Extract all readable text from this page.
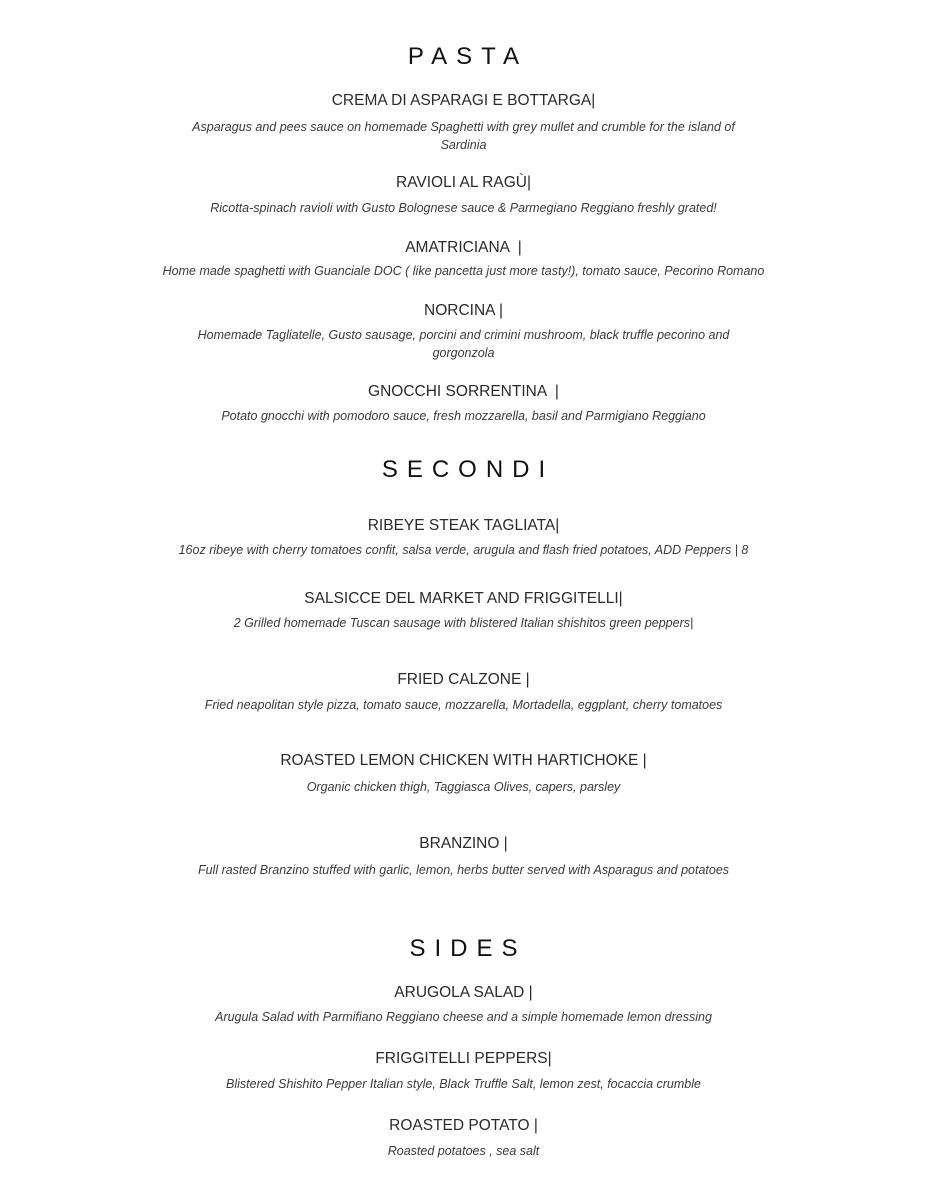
PASTA
CREMA DI ASPARAGI E BOTTARGA|
Asparagus and pees sauce on homemade Spaghetti with grey mullet and crumble for the island of Sardinia
RAVIOLI AL RAGÙ|
Ricotta-spinach ravioli with Gusto Bolognese sauce & Parmegiano Reggiano freshly grated!
AMATRICIANA  |
Home made spaghetti with Guanciale DOC ( like pancetta just more tasty!), tomato sauce, Pecorino Romano
NORCINA |
Homemade Tagliatelle, Gusto sausage, porcini and crimini mushroom, black truffle pecorino and gorgonzola
GNOCCHI SORRENTINA  |
Potato gnocchi with pomodoro sauce, fresh mozzarella, basil and Parmigiano Reggiano
SECONDI
RIBEYE STEAK TAGLIATA|
16oz ribeye with cherry tomatoes confit, salsa verde, arugula and flash fried potatoes, ADD Peppers | 8
SALSICCE DEL MARKET AND FRIGGITELLI|
2 Grilled homemade Tuscan sausage with blistered Italian shishitos green peppers|
FRIED CALZONE |
Fried neapolitan style pizza, tomato sauce, mozzarella, Mortadella, eggplant, cherry tomatoes
ROASTED LEMON CHICKEN WITH HARTICHOKE |
Organic chicken thigh, Taggiasca Olives, capers, parsley
BRANZINO |
Full rasted Branzino stuffed with garlic, lemon, herbs butter served with Asparagus and potatoes
SIDES
ARUGOLA SALAD |
Arugula Salad with Parmifiano Reggiano cheese and a simple homemade lemon dressing
FRIGGITELLI PEPPERS|
Blistered Shishito Pepper Italian style, Black Truffle Salt, lemon zest, focaccia crumble
ROASTED POTATO |
Roasted potatoes , sea salt
